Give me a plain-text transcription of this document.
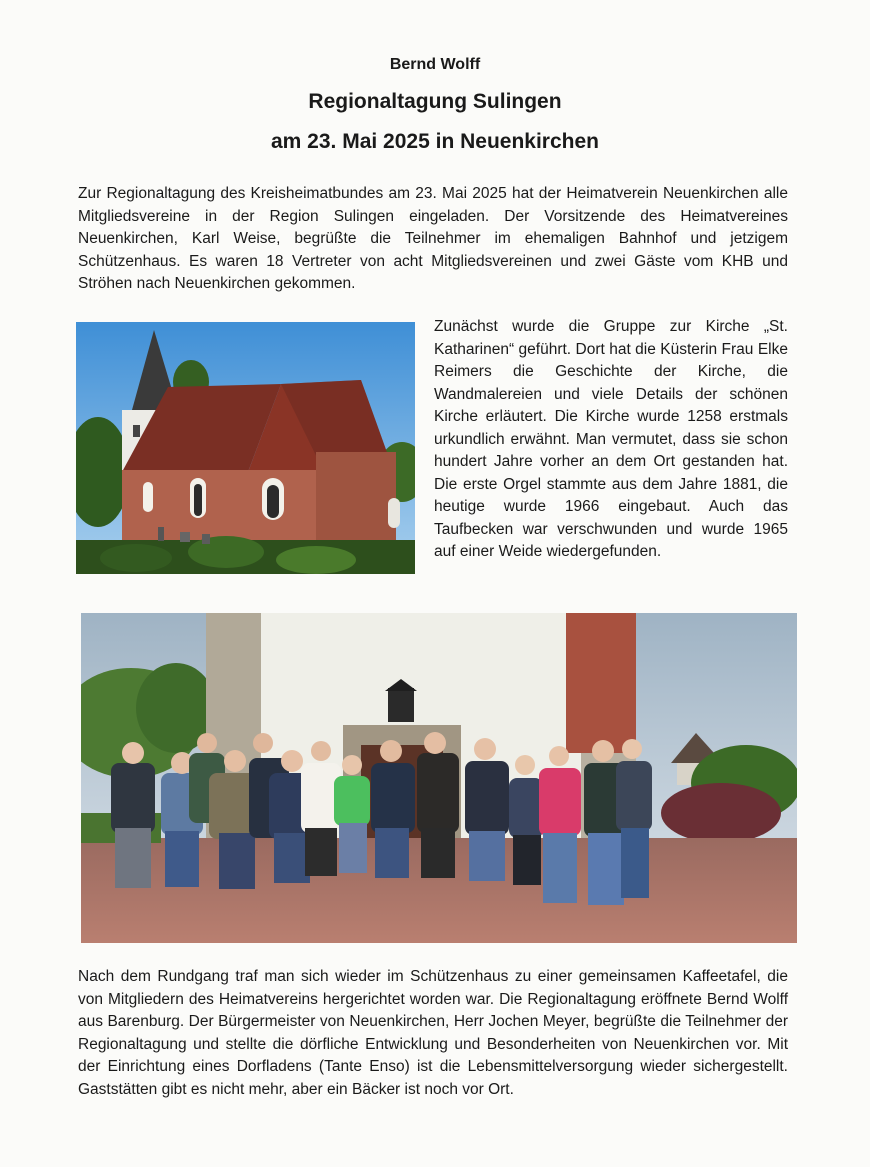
Bernd Wolff
Regionaltagung Sulingen
am 23. Mai 2025 in Neuenkirchen
Zur Regionaltagung des Kreisheimatbundes am 23. Mai 2025 hat der Heimatverein Neuenkirchen alle Mitgliedsvereine in der Region Sulingen eingeladen. Der Vorsitzende des Heimatvereines Neuenkirchen, Karl Weise, begrüßte die Teilnehmer im ehemaligen Bahnhof und jetzigem Schützenhaus. Es waren 18 Vertreter von acht Mitgliedsvereinen und zwei Gäste vom KHB und Ströhen nach Neuenkirchen gekommen.
Zunächst wurde die Gruppe zur Kirche „St. Katharinen“ geführt. Dort hat die Küsterin Frau Elke Reimers die Geschichte der Kirche, die Wandmalereien und viele Details der schönen Kirche erläutert. Die Kirche wurde 1258 erstmals urkundlich erwähnt. Man vermutet, dass sie schon hundert Jahre vorher an dem Ort gestanden hat. Die erste Orgel stammte aus dem Jahre 1881, die heutige wurde 1966 eingebaut. Auch das Taufbecken war verschwunden und wurde 1965 auf einer Weide wiedergefunden.
Nach dem Rundgang traf man sich wieder im Schützenhaus zu einer gemeinsamen Kaffeetafel, die von Mitgliedern des Heimatvereins hergerichtet worden war. Die Regionaltagung eröffnete Bernd Wolff aus Barenburg. Der Bürgermeister von Neuenkirchen, Herr Jochen Meyer, begrüßte die Teilnehmer der Regionaltagung und stellte die dörfliche Entwicklung und Besonderheiten von Neuenkirchen vor. Mit der Einrichtung eines Dorfladens (Tante Enso) ist die Lebensmittelversorgung wieder sichergestellt. Gaststätten gibt es nicht mehr, aber ein Bäcker ist noch vor Ort.
